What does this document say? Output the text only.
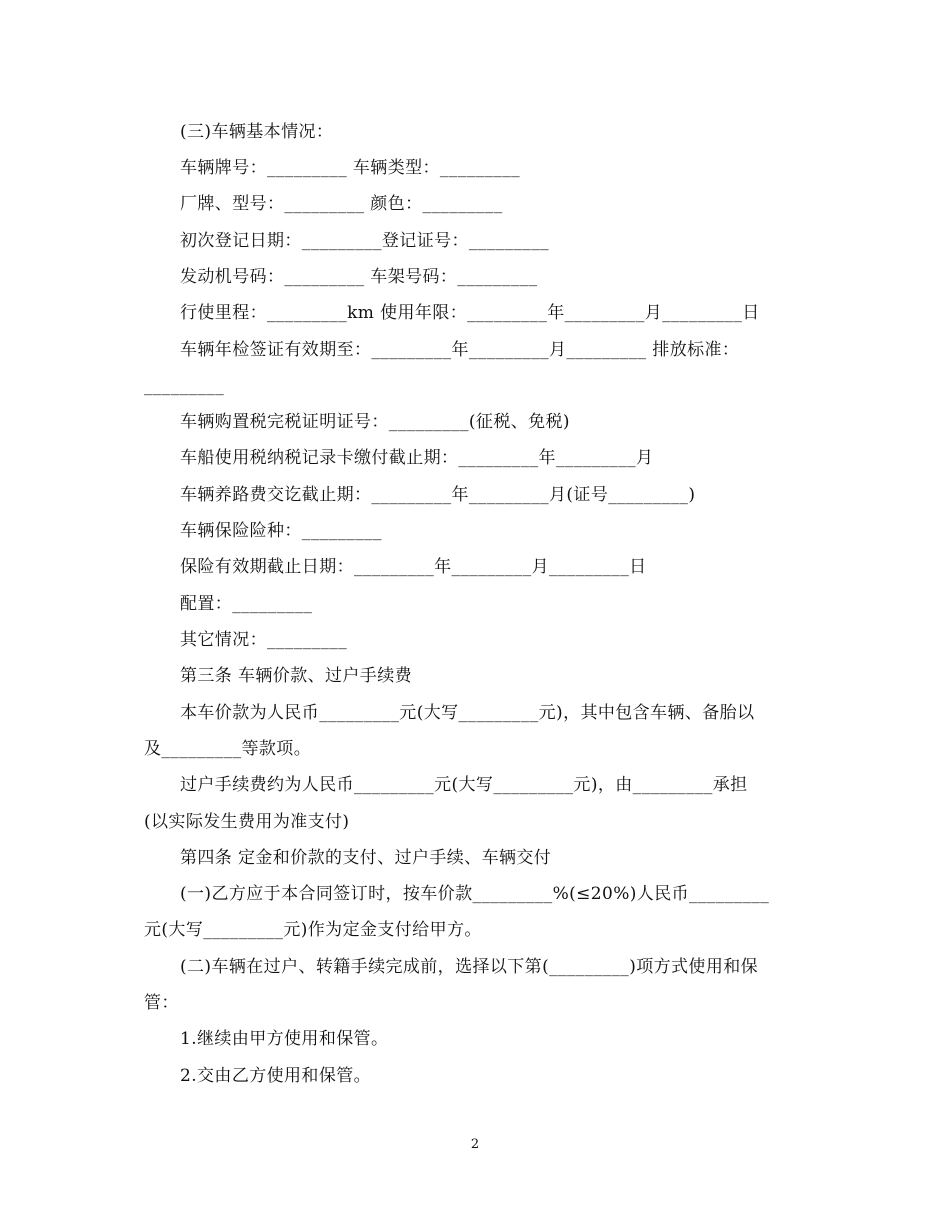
(三)车辆基本情况：
车辆牌号：_________ 车辆类型：_________
厂牌、型号：_________ 颜色：_________
初次登记日期：_________登记证号：_________
发动机号码：_________ 车架号码：_________
行使里程：_________km 使用年限：_________年_________月_________日
车辆年检签证有效期至：_________年_________月_________ 排放标准：
_________
车辆购置税完税证明证号：_________(征税、免税)
车船使用税纳税记录卡缴付截止期：_________年_________月
车辆养路费交讫截止期：_________年_________月(证号_________)
车辆保险险种：_________
保险有效期截止日期：_________年_________月_________日
配置：_________
其它情况：_________
第三条 车辆价款、过户手续费
本车价款为人民币_________元(大写_________元)，其中包含车辆、备胎以
及_________等款项。
过户手续费约为人民币_________元(大写_________元)，由_________承担
(以实际发生费用为准支付)
第四条 定金和价款的支付、过户手续、车辆交付
(一)乙方应于本合同签订时，按车价款_________%(≤20%)人民币_________
元(大写_________元)作为定金支付给甲方。
(二)车辆在过户、转籍手续完成前，选择以下第(_________)项方式使用和保
管：
1.继续由甲方使用和保管。
2.交由乙方使用和保管。
2
